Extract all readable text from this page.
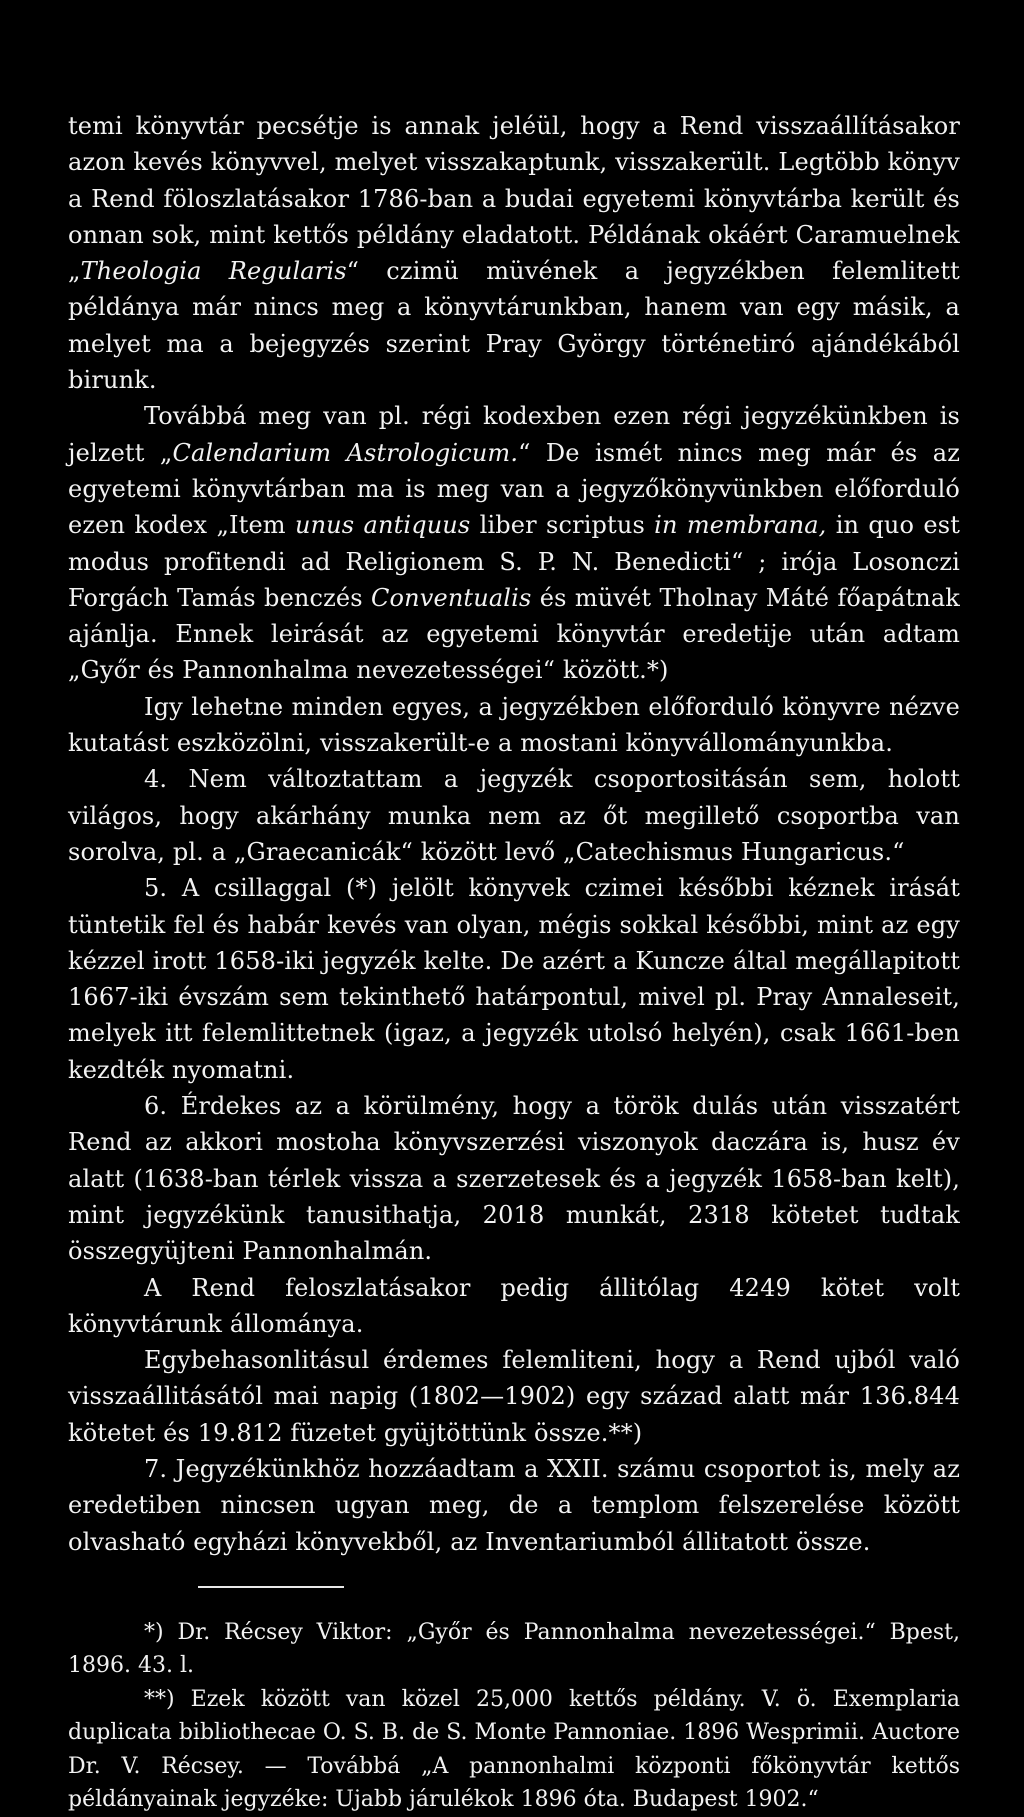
temi könyvtár pecsétje is annak jeléül, hogy a Rend visszaállításakor azon kevés könyvvel, melyet visszakaptunk, visszakerült. Legtöbb könyv a Rend föloszlatásakor 1786-ban a budai egyetemi könyvtárba került és onnan sok, mint kettős példány eladatott. Példának okáért Caramuelnek „Theologia Regularis“ czimü müvének a jegyzékben felemlitett példánya már nincs meg a könyvtárunkban, hanem van egy másik, a melyet ma a bejegyzés szerint Pray György történetiró ajándékából birunk.

Továbbá meg van pl. régi kodexben ezen régi jegyzékünkben is jelzett „Calendarium Astrologicum.“ De ismét nincs meg már és az egyetemi könyvtárban ma is meg van a jegyzőkönyvünkben előforduló ezen kodex „Item unus antiquus liber scriptus in membrana, in quo est modus profitendi ad Religionem S. P. N. Benedicti“ ; irója Losonczi Forgách Tamás benczés Conventualis és müvét Tholnay Máté főapátnak ajánlja. Ennek leirását az egyetemi könyvtár eredetije után adtam „Győr és Pannonhalma nevezetességei“ között.*)

Igy lehetne minden egyes, a jegyzékben előforduló könyvre nézve kutatást eszközölni, visszakerült-e a mostani könyvállományunkba.

4. Nem változtattam a jegyzék csoportositásán sem, holott világos, hogy akárhány munka nem az őt megillető csoportba van sorolva, pl. a „Graecanicák“ között levő „Catechismus Hungaricus.“

5. A csillaggal (*) jelölt könyvek czimei későbbi kéznek irását tüntetik fel és habár kevés van olyan, mégis sokkal későbbi, mint az egy kézzel irott 1658-iki jegyzék kelte. De azért a Kuncze által megállapitott 1667-iki évszám sem tekinthető határpontul, mivel pl. Pray Annaleseit, melyek itt felemlittetnek (igaz, a jegyzék utolsó helyén), csak 1661-ben kezdték nyomatni.

6. Érdekes az a körülmény, hogy a török dulás után visszatért Rend az akkori mostoha könyvszerzési viszonyok daczára is, husz év alatt (1638-ban térlek vissza a szerzetesek és a jegyzék 1658-ban kelt), mint jegyzékünk tanusithatja, 2018 munkát, 2318 kötetet tudtak összegyüjteni Pannonhalmán.

A Rend feloszlatásakor pedig állitólag 4249 kötet volt könyvtárunk állománya.

Egybehasonlitásul érdemes felemliteni, hogy a Rend ujból való visszaállitásától mai napig (1802—1902) egy század alatt már 136.844 kötetet és 19.812 füzetet gyüjtöttünk össze.**)

7. Jegyzékünkhöz hozzáadtam a XXII. számu csoportot is, mely az eredetiben nincsen ugyan meg, de a templom felszerelése között olvasható egyházi könyvekből, az Inventariumból állitatott össze.

*) Dr. Récsey Viktor: „Győr és Pannonhalma nevezetességei.“ Bpest, 1896. 43. l.

**) Ezek között van közel 25,000 kettős példány. V. ö. Exemplaria duplicata bibliothecae O. S. B. de S. Monte Pannoniae. 1896 Wesprimii. Auctore Dr. V. Récsey. — Továbbá „A pannonhalmi központi főkönyvtár kettős példányainak jegyzéke: Ujabb járulékok 1896 óta. Budapest 1902.“
